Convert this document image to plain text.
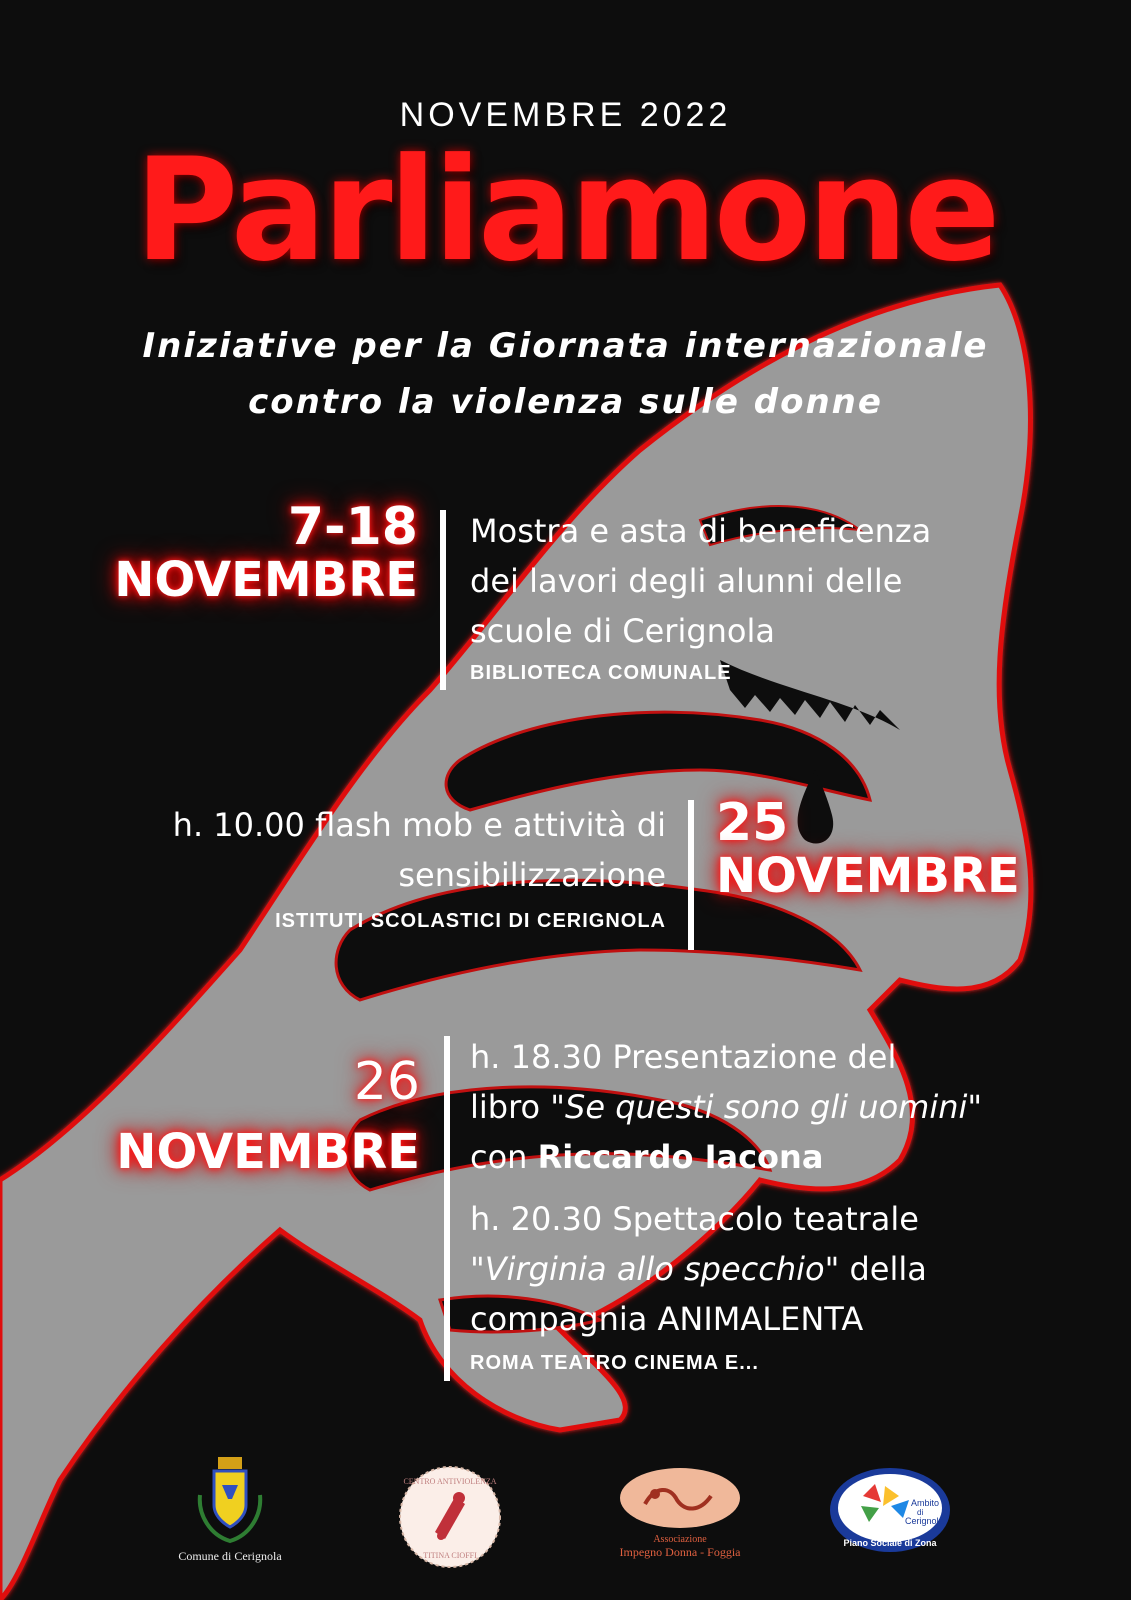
NOVEMBRE 2022
Parliamone
Iniziative per la Giornata internazionale
contro la violenza sulle donne
7-18
NOVEMBRE
Mostra e asta di beneficenza
dei lavori degli alunni delle
scuole di Cerignola
BIBLIOTECA COMUNALE
h. 10.00 flash mob e attività di
sensibilizzazione
ISTITUTI SCOLASTICI DI CERIGNOLA
25
NOVEMBRE
26
NOVEMBRE
h. 18.30 Presentazione del
libro "Se questi sono gli uomini"
con Riccardo Iacona
h. 20.30 Spettacolo teatrale
"Virginia allo specchio" della
compagnia ANIMALENTA
ROMA TEATRO CINEMA E...
Comune di Cerignola
CENTRO ANTIVIOLENZA
TITINA CIOFFI
Associazione
Impegno Donna - Foggia
Ambito
di
Cerignola
Piano Sociale di Zona
